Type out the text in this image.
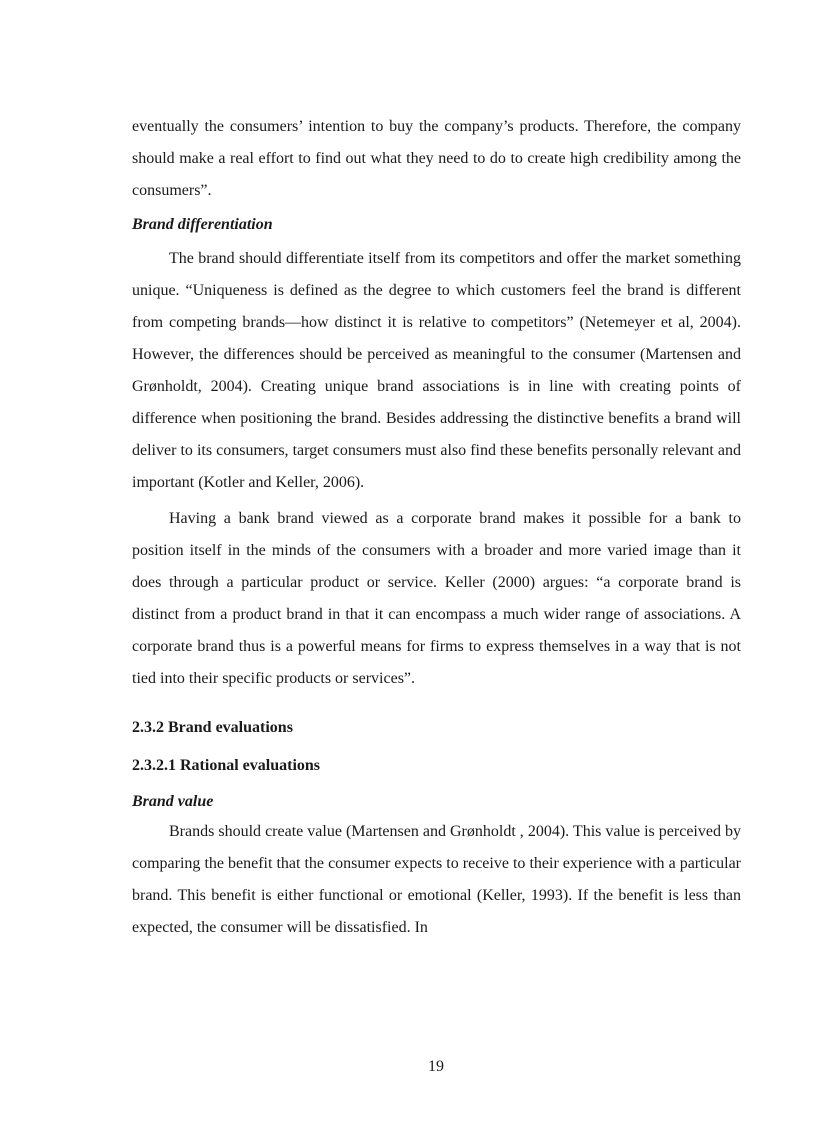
eventually the consumers’ intention to buy the company’s products. Therefore, the company should make a real effort to find out what they need to do to create high credibility among the consumers”.

Brand differentiation

The brand should differentiate itself from its competitors and offer the market something unique. “Uniqueness is defined as the degree to which customers feel the brand is different from competing brands—how distinct it is relative to competitors” (Netemeyer et al, 2004). However, the differences should be perceived as meaningful to the consumer (Martensen and Grønholdt, 2004). Creating unique brand associations is in line with creating points of difference when positioning the brand. Besides addressing the distinctive benefits a brand will deliver to its consumers, target consumers must also find these benefits personally relevant and important (Kotler and Keller, 2006).

Having a bank brand viewed as a corporate brand makes it possible for a bank to position itself in the minds of the consumers with a broader and more varied image than it does through a particular product or service. Keller (2000) argues: “a corporate brand is distinct from a product brand in that it can encompass a much wider range of associations. A corporate brand thus is a powerful means for firms to express themselves in a way that is not tied into their specific products or services”.

2.3.2 Brand evaluations

2.3.2.1 Rational evaluations

Brand value

Brands should create value (Martensen and Grønholdt , 2004). This value is perceived by comparing the benefit that the consumer expects to receive to their experience with a particular brand. This benefit is either functional or emotional (Keller, 1993). If the benefit is less than expected, the consumer will be dissatisfied. In

19
